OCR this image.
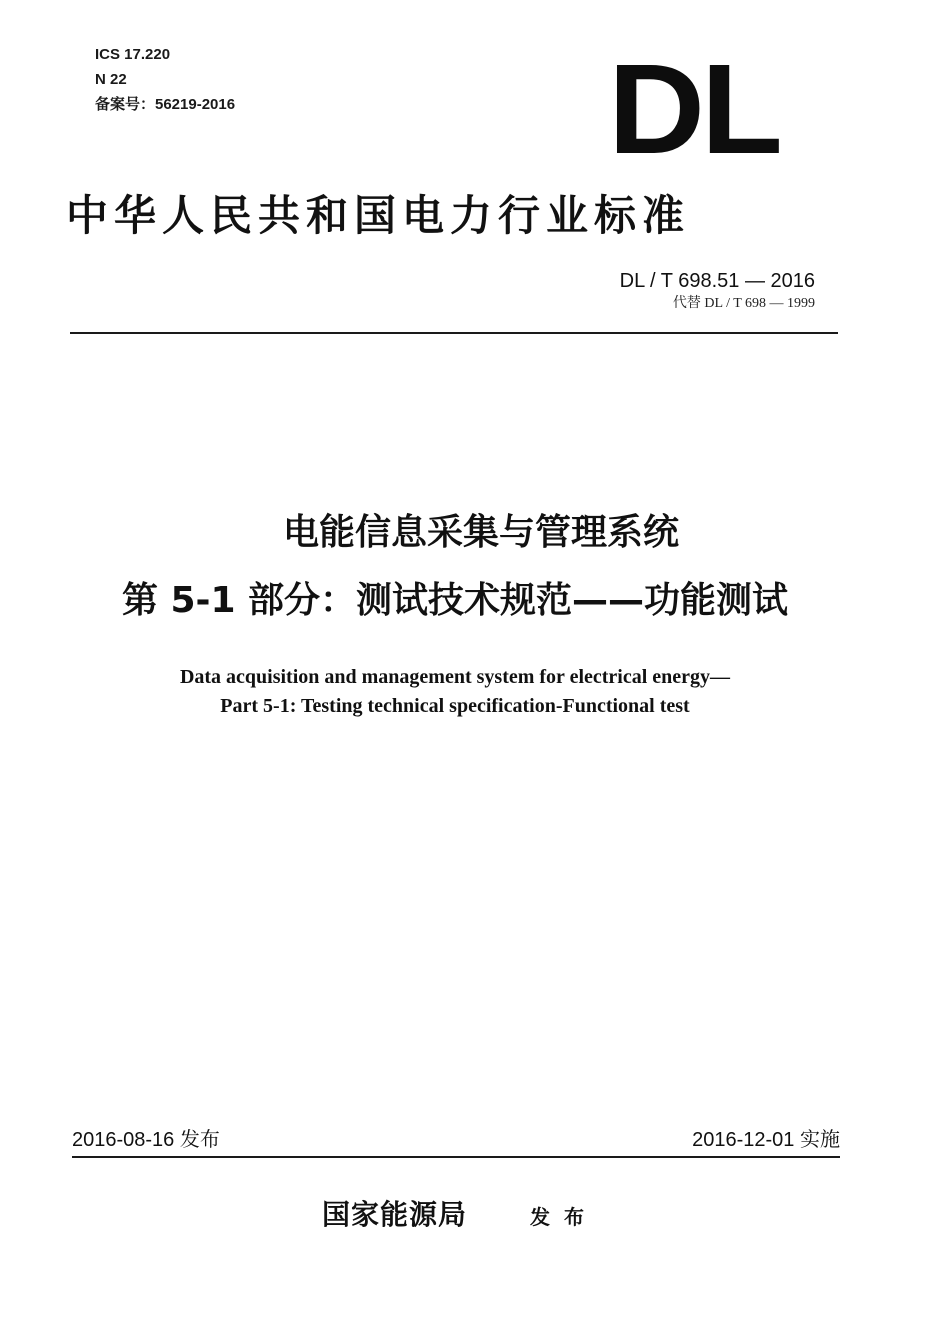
ICS 17.220
N 22
备案号：56219-2016	DL
中华人民共和国电力行业标准
DL / T 698.51 — 2016
代替 DL / T 698 — 1999
电能信息采集与管理系统
第 5-1 部分：测试技术规范——功能测试
Data acquisition and management system for electrical energy—
Part 5-1: Testing technical specification-Functional test
2016-08-16 发布	2016-12-01 实施
国家能源局	发布
